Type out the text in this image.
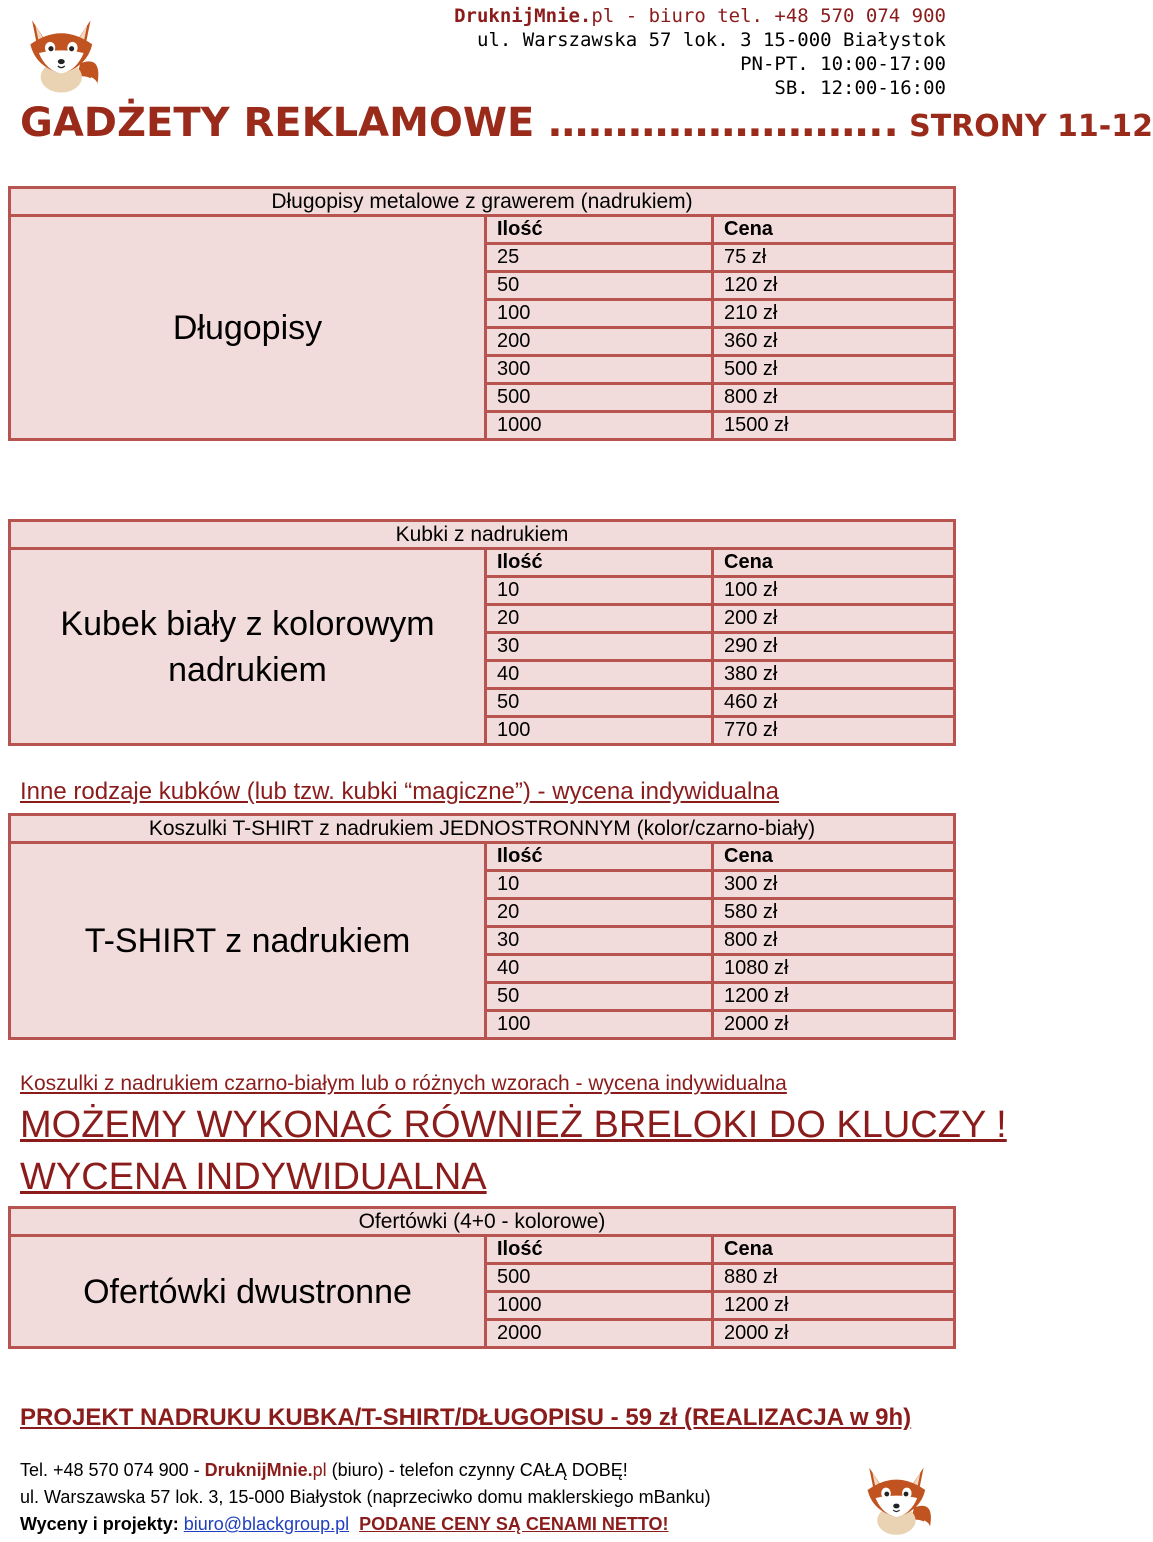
DruknijMnie.pl - biuro tel. +48 570 074 900
ul. Warszawska 57 lok. 3 15-000 Białystok
PN-PT. 10:00-17:00
SB. 12:00-16:00
GADŻETY REKLAMOWE …………………….. STRONY 11-12
Długopisy metalowe z grawerem (nadrukiem)		
Długopisy	Ilość	Cena
	25	75 zł
	50	120 zł
	100	210 zł
	200	360 zł
	300	500 zł
	500	800 zł
	1000	1500 zł
Kubki z nadrukiem		
Kubek biały z kolorowym nadrukiem	Ilość	Cena
	10	100 zł
	20	200 zł
	30	290 zł
	40	380 zł
	50	460 zł
	100	770 zł
Inne rodzaje kubków (lub tzw. kubki “magiczne”) - wycena indywidualna
Koszulki T-SHIRT z nadrukiem JEDNOSTRONNYM (kolor/czarno-biały)		
T-SHIRT z nadrukiem	Ilość	Cena
	10	300 zł
	20	580 zł
	30	800 zł
	40	1080 zł
	50	1200 zł
	100	2000 zł
Koszulki z nadrukiem czarno-białym lub o różnych wzorach - wycena indywidualna
MOŻEMY WYKONAĆ RÓWNIEŻ BRELOKI DO KLUCZY !
WYCENA INDYWIDUALNA
Ofertówki (4+0 - kolorowe)		
Ofertówki dwustronne	Ilość	Cena
	500	880 zł
	1000	1200 zł
	2000	2000 zł
PROJEKT NADRUKU KUBKA/T-SHIRT/DŁUGOPISU - 59 zł (REALIZACJA w 9h)
Tel. +48 570 074 900 - DruknijMnie.pl (biuro) - telefon czynny CAŁĄ DOBĘ!
ul. Warszawska 57 lok. 3, 15-000 Białystok (naprzeciwko domu maklerskiego mBanku)
Wyceny i projekty: biuro@blackgroup.pl PODANE CENY SĄ CENAMI NETTO!
